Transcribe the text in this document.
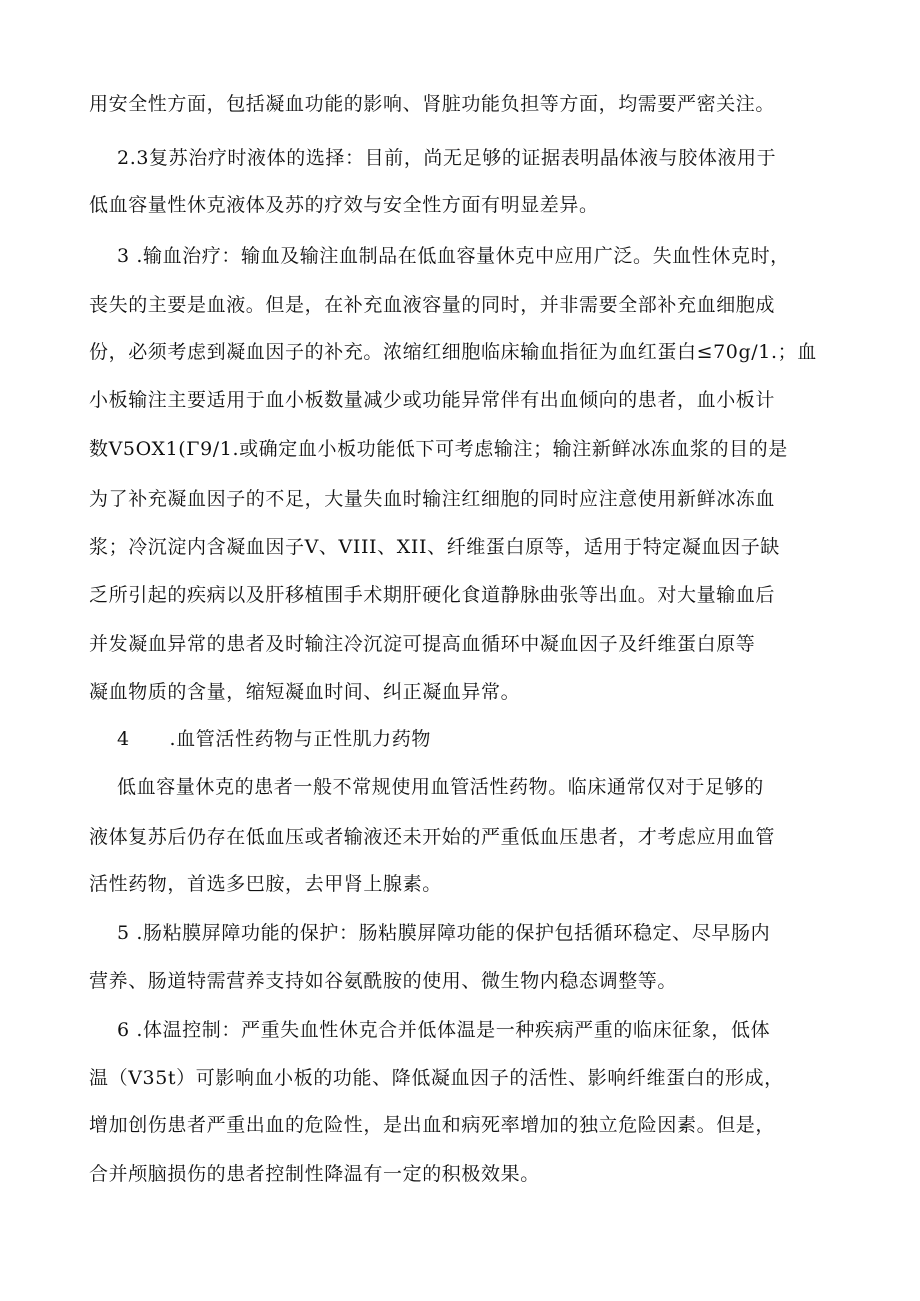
用安全性方面，包括凝血功能的影响、肾脏功能负担等方面，均需要严密关注。
2.3复苏治疗时液体的选择：目前，尚无足够的证据表明晶体液与胶体液用于
低血容量性休克液体及苏的疗效与安全性方面有明显差异。
3 .输血治疗：输血及输注血制品在低血容量休克中应用广泛。失血性休克时，
丧失的主要是血液。但是，在补充血液容量的同时，并非需要全部补充血细胞成
份，必须考虑到凝血因子的补充。浓缩红细胞临床输血指征为血红蛋白≤70g/1.；血
小板输注主要适用于血小板数量减少或功能异常伴有出血倾向的患者，血小板计
数V5OX1(Γ9/1.或确定血小板功能低下可考虑输注；输注新鲜冰冻血浆的目的是
为了补充凝血因子的不足，大量失血时输注红细胞的同时应注意使用新鲜冰冻血
浆；冷沉淀内含凝血因子V、VIII、XII、纤维蛋白原等，适用于特定凝血因子缺
乏所引起的疾病以及肝移植围手术期肝硬化食道静脉曲张等出血。对大量输血后
并发凝血异常的患者及时输注冷沉淀可提高血循环中凝血因子及纤维蛋白原等
凝血物质的含量，缩短凝血时间、纠正凝血异常。
4      .血管活性药物与正性肌力药物
低血容量休克的患者一般不常规使用血管活性药物。临床通常仅对于足够的
液体复苏后仍存在低血压或者输液还未开始的严重低血压患者，才考虑应用血管
活性药物，首选多巴胺，去甲肾上腺素。
5 .肠粘膜屏障功能的保护：肠粘膜屏障功能的保护包括循环稳定、尽早肠内
营养、肠道特需营养支持如谷氨酰胺的使用、微生物内稳态调整等。
6 .体温控制：严重失血性休克合并低体温是一种疾病严重的临床征象，低体
温（V35t）可影响血小板的功能、降低凝血因子的活性、影响纤维蛋白的形成，
增加创伤患者严重出血的危险性，是出血和病死率增加的独立危险因素。但是，
合并颅脑损伤的患者控制性降温有一定的积极效果。
